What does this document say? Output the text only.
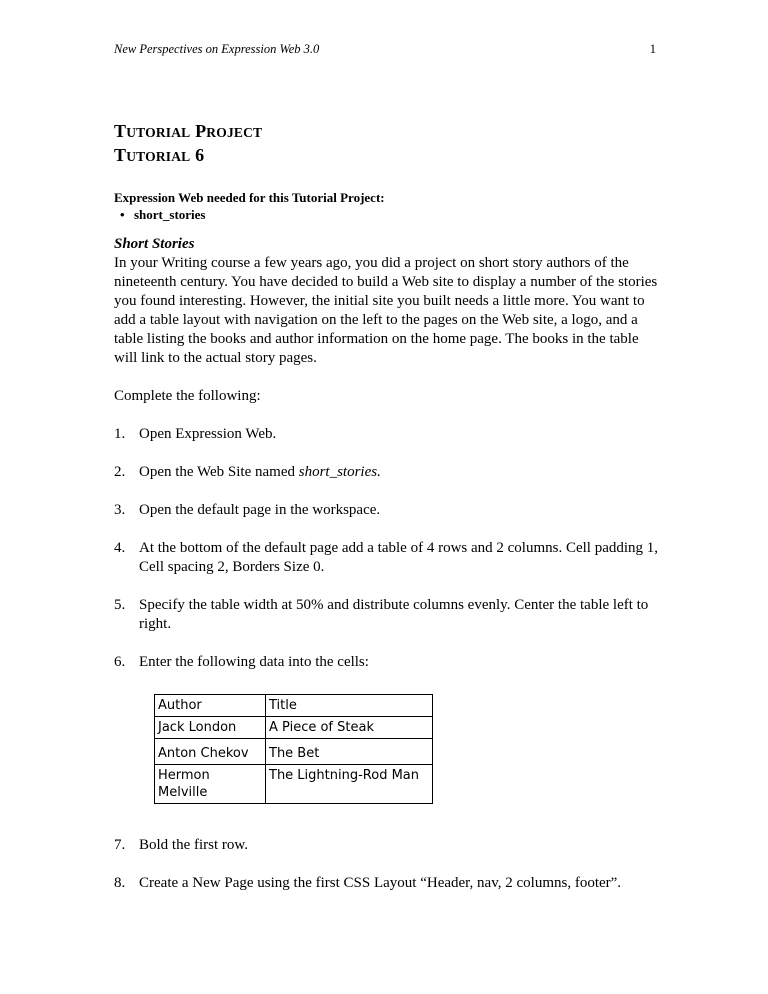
New Perspectives on Expression Web 3.0	1
TUTORIAL PROJECT
TUTORIAL 6
Expression Web needed for this Tutorial Project:
•
short_stories
Short Stories

In your Writing course a few years ago, you did a project on short story authors of the nineteenth century. You have decided to build a Web site to display a number of the stories you found interesting. However, the initial site you built needs a little more. You want to add a table layout with navigation on the left to the pages on the Web site, a logo, and a table listing the books and author information on the home page. The books in the table will link to the actual story pages.

Complete the following:
1. Open Expression Web.
2. Open the Web Site named short_stories.
3. Open the default page in the workspace.
4. At the bottom of the default page add a table of 4 rows and 2 columns. Cell padding 1, Cell spacing 2, Borders Size 0.
5. Specify the table width at 50% and distribute columns evenly. Center the table left to right.
6. Enter the following data into the cells:
Author	Title
Jack London	A Piece of Steak
Anton Chekov	The Bet
Hermon Melville	The Lightning-Rod Man
7. Bold the first row.
8. Create a New Page using the first CSS Layout “Header, nav, 2 columns, footer”.
